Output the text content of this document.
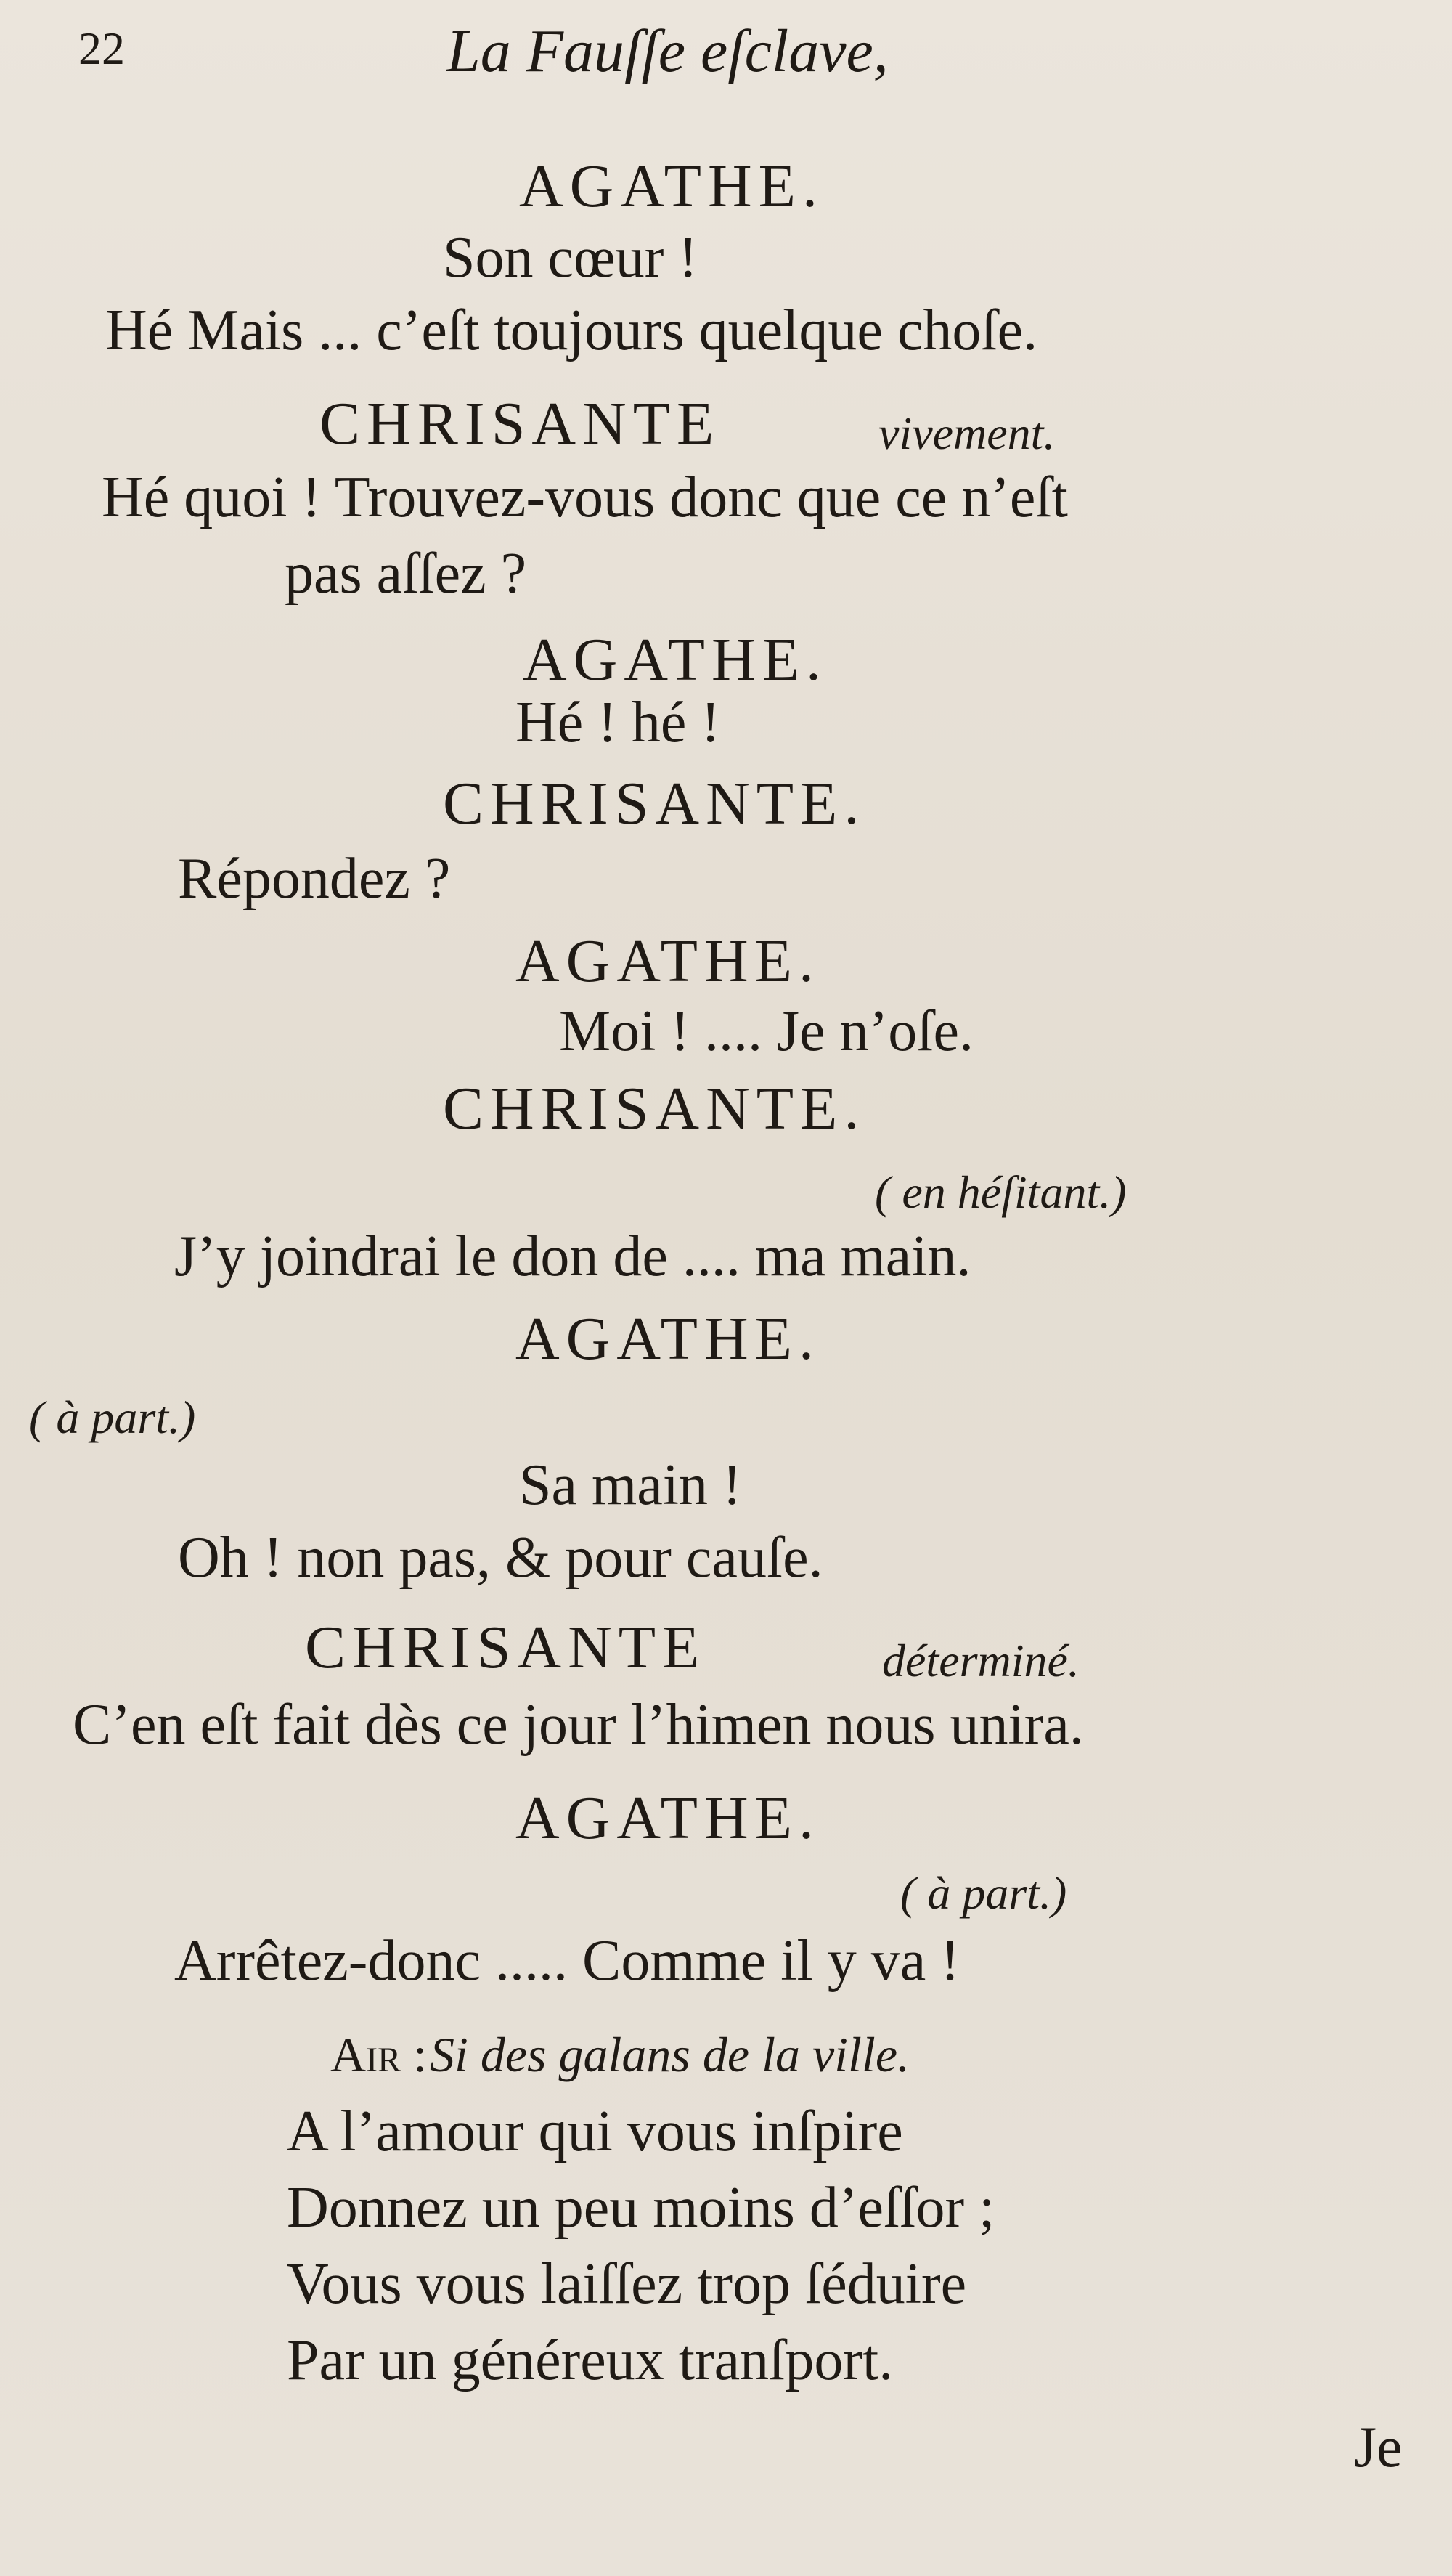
22	La Fauſſe eſclave,
AGATHE.
Son cœur !
Hé Mais ... c’eſt toujours quelque choſe.
CHRISANTE	vivement.
Hé quoi ! Trouvez-vous donc que ce n’eſt
pas aſſez ?
AGATHE.
Hé ! hé !
CHRISANTE.
Répondez ?
AGATHE.
Moi ! .... Je n’oſe.
CHRISANTE.
( en héſitant.)
J’y joindrai le don de .... ma main.
AGATHE.
( à part.)
Sa main !
Oh ! non pas, & pour cauſe.
CHRISANTE	déterminé.
C’en eſt fait dès ce jour l’himen nous unira.
AGATHE.
( à part.)
Arrêtez-donc ..... Comme il y va !
Air : Si des galans de la ville.
A l’amour qui vous inſpire
Donnez un peu moins d’eſſor ;
Vous vous laiſſez trop ſéduire
Par un généreux tranſport.
Je
